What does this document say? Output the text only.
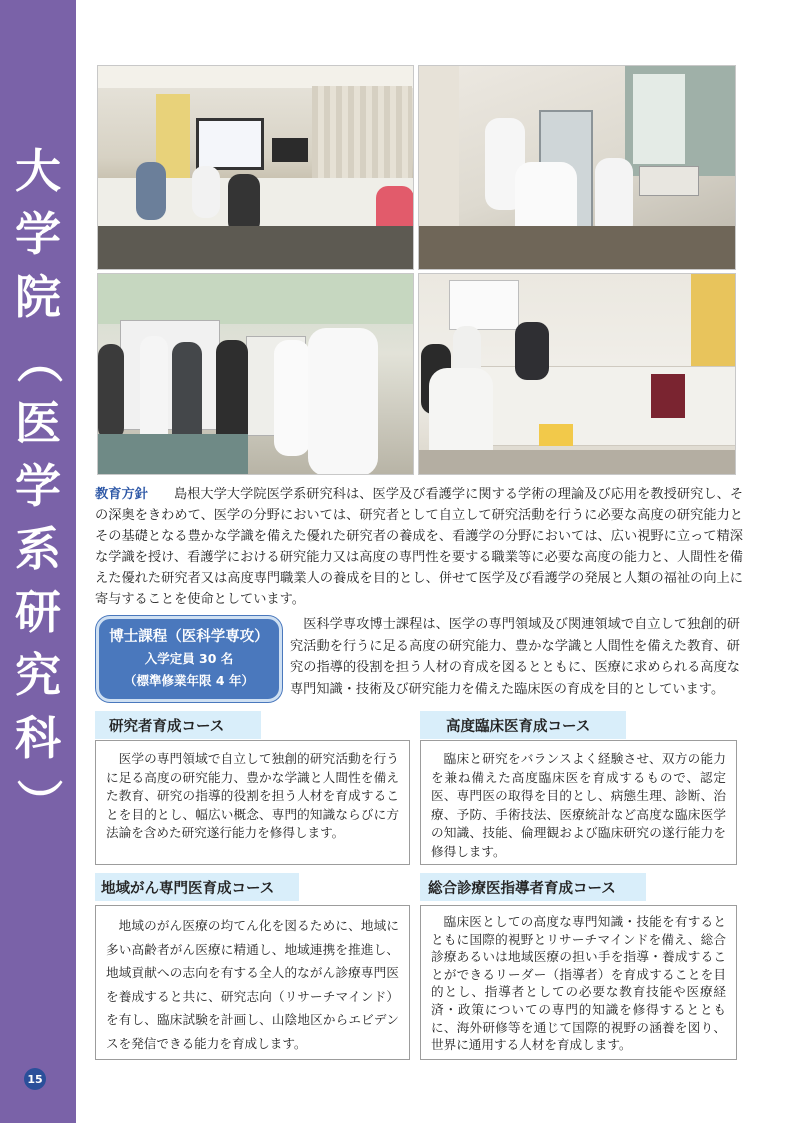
大
学
院
（
医
学
系
研
究
科
）
15
教育方針 島根大学大学院医学系研究科は、医学及び看護学に関する学術の理論及び応用を教授研究し、その深奥をきわめて、医学の分野においては、研究者として自立して研究活動を行うに必要な高度の研究能力とその基礎となる豊かな学識を備えた優れた研究者の養成を、看護学の分野においては、広い視野に立って精深な学識を授け、看護学における研究能力又は高度の専門性を要する職業等に必要な高度の能力と、人間性を備えた優れた研究者又は高度専門職業人の養成を目的とし、併せて医学及び看護学の発展と人類の福祉の向上に寄与することを使命としています。
博士課程（医科学専攻）
入学定員 30 名
（標準修業年限 4 年）
医科学専攻博士課程は、医学の専門領域及び関連領域で自立して独創的研究活動を行うに足る高度の研究能力、豊かな学識と人間性を備えた教育、研究の指導的役割を担う人材の育成を図るとともに、医療に求められる高度な専門知識・技術及び研究能力を備えた臨床医の育成を目的としています。
研究者育成コース
医学の専門領域で自立して独創的研究活動を行うに足る高度の研究能力、豊かな学識と人間性を備えた教育、研究の指導的役割を担う人材を育成することを目的とし、幅広い概念、専門的知識ならびに方法論を含めた研究遂行能力を修得します。
高度臨床医育成コース
臨床と研究をバランスよく経験させ、双方の能力を兼ね備えた高度臨床医を育成するもので、認定医、専門医の取得を目的とし、病態生理、診断、治療、予防、手術技法、医療統計など高度な臨床医学の知識、技能、倫理観および臨床研究の遂行能力を修得します。
地域がん専門医育成コース
地域のがん医療の均てん化を図るために、地域に多い高齢者がん医療に精通し、地域連携を推進し、地域貢献への志向を有する全人的ながん診療専門医を養成すると共に、研究志向（リサーチマインド）を有し、臨床試験を計画し、山陰地区からエビデンスを発信できる能力を育成します。
総合診療医指導者育成コース
臨床医としての高度な専門知識・技能を有するとともに国際的視野とリサーチマインドを備え、総合診療あるいは地域医療の担い手を指導・養成することができるリーダー（指導者）を育成することを目的とし、指導者としての必要な教育技能や医療経済・政策についての専門的知識を修得するとともに、海外研修等を通じて国際的視野の涵養を図り、世界に通用する人材を育成します。
